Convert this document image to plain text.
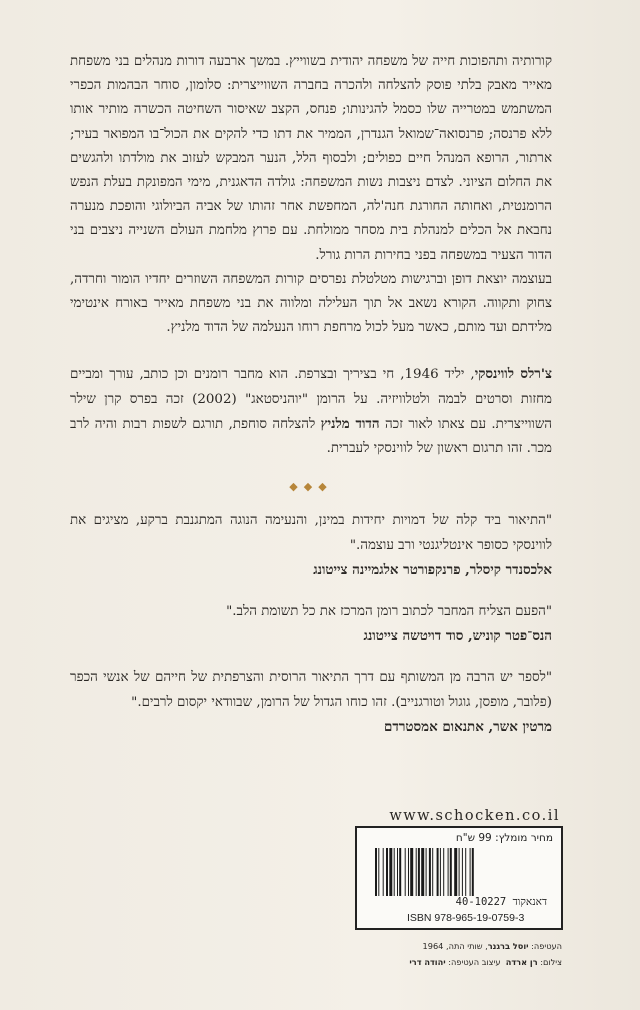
קורותיה ותהפוכות חייה של משפחה יהודית בשווייץ. במשך ארבעה דורות מנהלים בני משפחת מאייר מאבק בלתי פוסק להצלחה ולהכרה בחברה השווייצרית: סלומון, סוחר הבהמות הכפרי המשתמש במטרייה שלו כסמל להגינותו; פנחס, הקצב שאיסור השחיטה הכשרה מותיר אותו ללא פרנסה; פרנסואה־שמואל הגנדרן, הממיר את דתו כדי להקים את הכול־בו המפואר בעיר; ארתור, הרופא המנהל חיים כפולים; ולבסוף הלל, הנער המבקש לעזוב את מולדתו ולהגשים את החלום הציוני. לצדם ניצבות נשות המשפחה: גולדה הדאגנית, מימי המפונקת בעלת הנפש הרומנטית, ואחותה החורגת חנה'לה, המחפשת אחר זהותו של אביה הביולוגי והופכת מנערה נחבאת אל הכלים למנהלת בית מסחר ממולחת. עם פרוץ מלחמת העולם השנייה ניצבים בני הדור הצעיר במשפחה בפני בחירות הרות גורל.

בעוצמה יוצאת דופן וברגישות מטלטלת נפרסים קורות המשפחה השוזרים יחדיו הומור וחרדה, צחוק ותקווה. הקורא נשאב אל תוך העלילה ומלווה את בני משפחת מאייר באורח אינטימי מלידתם ועד מותם, כאשר מעל לכול מרחפת רוחו הנעלמה של הדוד מלניץ.

צ'רלס לווינסקי, יליד 1946, חי בציריך ובצרפת. הוא מחבר רומנים וכן כותב, עורך ומביים מחזות וסרטים לבמה ולטלוויזיה. על הרומן "יוהניסטאג" (2002) זכה בפרס קרן שילר השווייצרית. עם צאתו לאור זכה הדוד מלניץ להצלחה סוחפת, תורגם לשפות רבות והיה לרב מכר. זהו תרגום ראשון של לווינסקי לעברית.

◆◆◆

"התיאור ביד קלה של דמויות יחידות במינן, והנעימה הנוגה המתגנבת ברקע, מציגים את לווינסקי כסופר אינטליגנטי ורב עוצמה."
אלכסנדר קיסלר, פרנקפורטר אלגמיינה צייטונג

"הפעם הצליח המחבר לכתוב רומן המרכז את כל תשומת הלב."
הנס־פטר קוניש, סוד דויטשה צייטונג

"לספר יש הרבה מן המשותף עם דרך התיאור הרוסית והצרפתית של חייהם של אנשי הכפר (פלובר, מופסן, גוגול וטורגנייב). זהו כוחו הגדול של הרומן, שבוודאי יקסום לרבים."
מרטין אשר, אתנאום אמסטרדם

www.schocken.co.il
מחיר מומלץ: 99 ש"ח
דאנאקוד 40-10227
ISBN 978-965-19-0759-3
העטיפה: יוסל ברגנר, שותי התה, 1964
צילום: רן ארדה  עיצוב העטיפה: יהודה דרי
